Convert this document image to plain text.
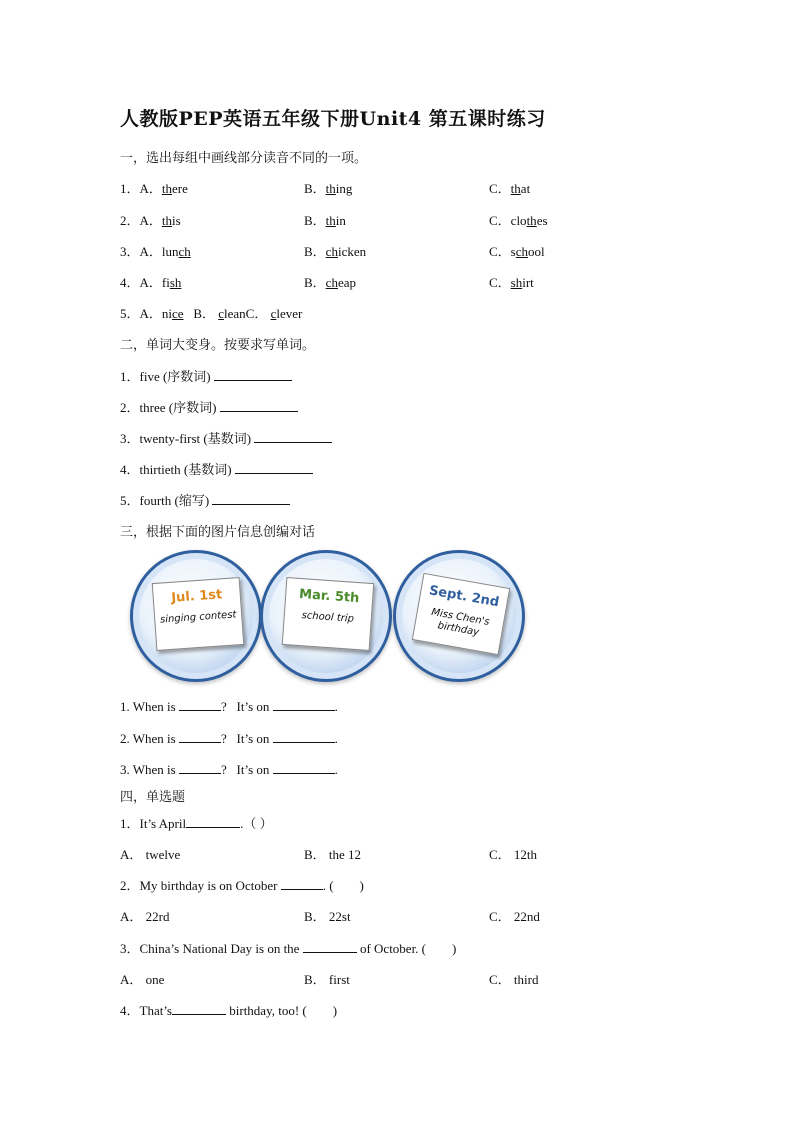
人教版PEP英语五年级下册Unit4 第五课时练习
一，选出每组中画线部分读音不同的一项。
1．A．there	B．thing	C．that
2．A．this	B．thin	C．clothes
3．A．lunch	B．chicken	C．school
4．A．fish	B．cheap	C．shirt
5．A．nice B． cleanC． clever
二，单词大变身。按要求写单词。
1．five (序数词)
2．three (序数词)
3．twenty-first (基数词)
4．thirtieth (基数词)
5．fourth (缩写)
三，根据下面的图片信息创编对话
Jul. 1st
singing contest
Mar. 5th
school trip
Sept. 2nd
Miss Chen's birthday
1. When is	? It’s on	.
2. When is	? It’s on	.
3. When is	? It’s on	.
四，单选题
1．It’s April	.（ ）
A． twelve	B． the 12	C． 12th
2．My birthday is on October	. (　　)
A． 22rd	B． 22st	C． 22nd
3．China’s National Day is on the	of October. (　　)
A． one	B． first	C． third
4．That’s	birthday, too! (　　)
